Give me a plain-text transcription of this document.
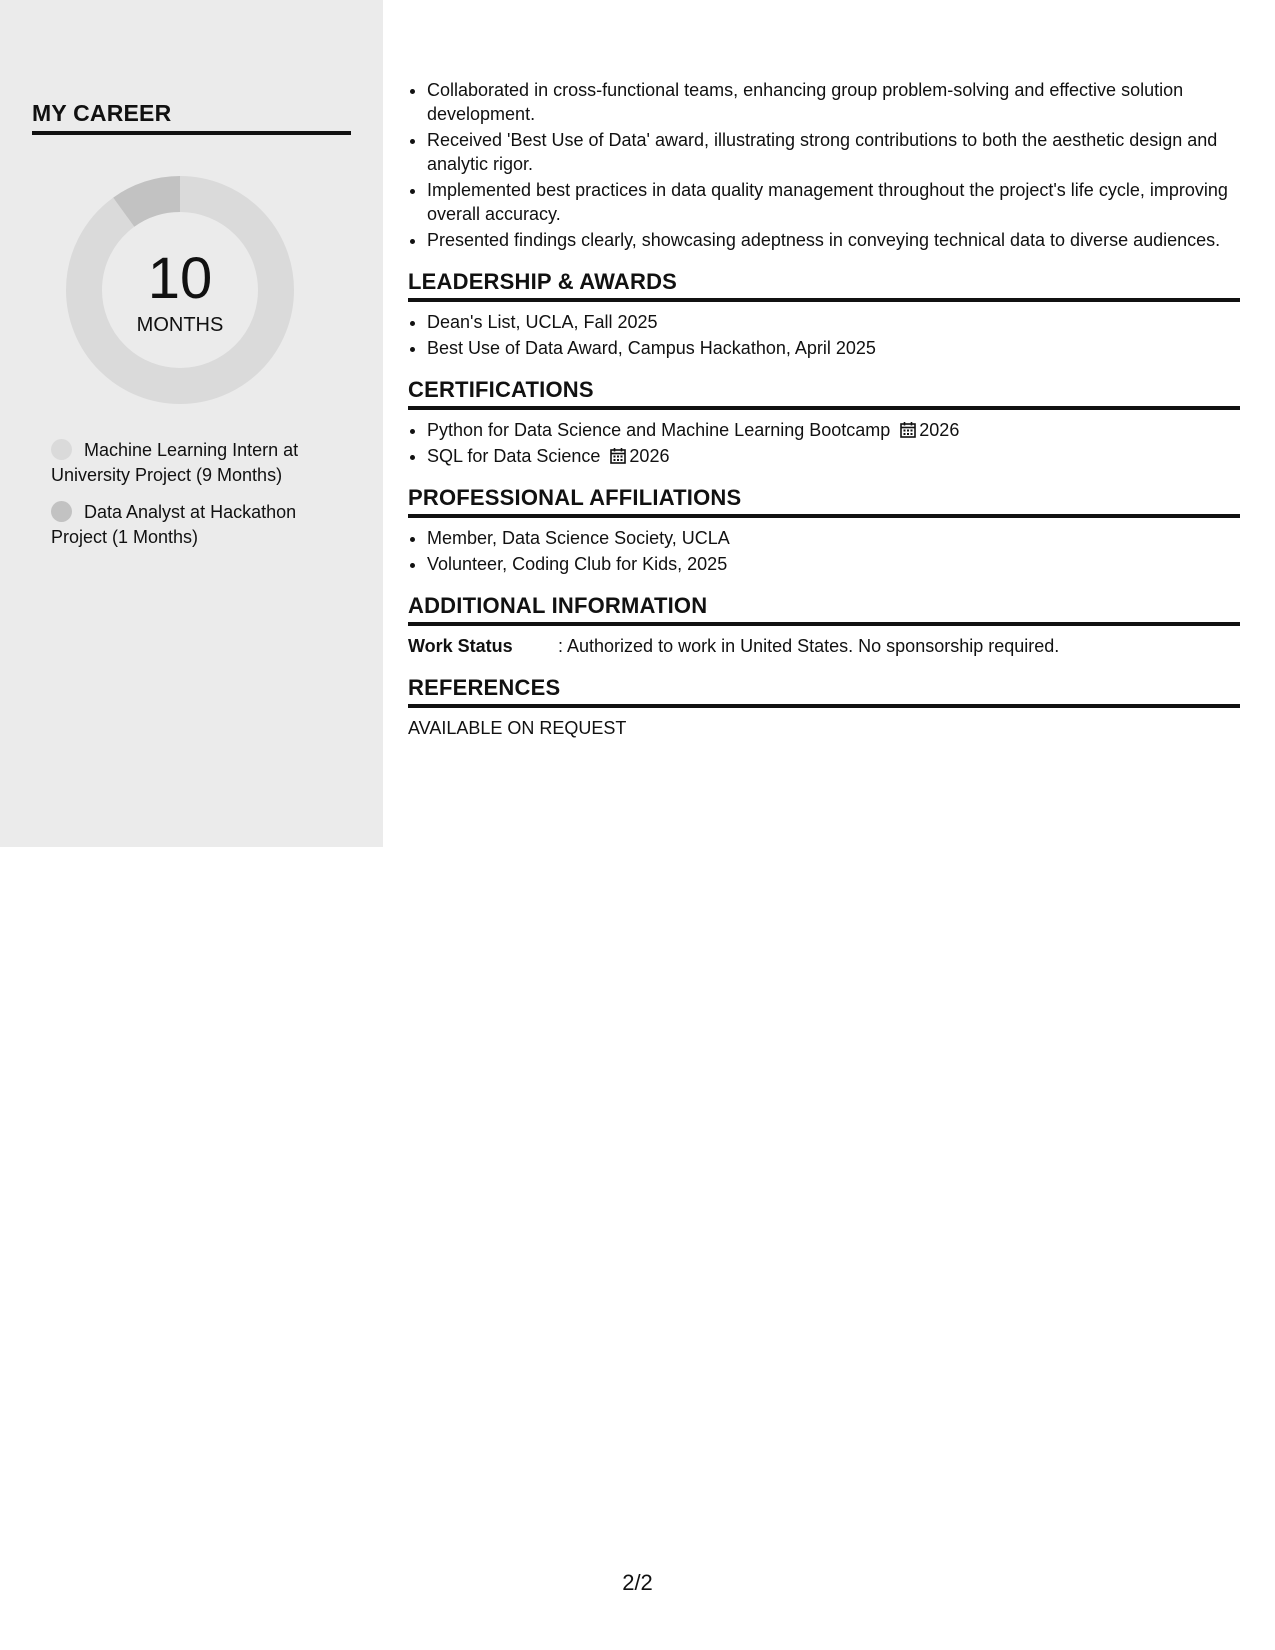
MY CAREER
10
MONTHS
Machine Learning Intern at University Project (9 Months)
Data Analyst at Hackathon Project (1 Months)
• Collaborated in cross-functional teams, enhancing group problem-solving and effective solution development.
• Received 'Best Use of Data' award, illustrating strong contributions to both the aesthetic design and analytic rigor.
• Implemented best practices in data quality management throughout the project's life cycle, improving overall accuracy.
• Presented findings clearly, showcasing adeptness in conveying technical data to diverse audiences.
LEADERSHIP & AWARDS
• Dean's List, UCLA, Fall 2025
• Best Use of Data Award, Campus Hackathon, April 2025
CERTIFICATIONS
• Python for Data Science and Machine Learning Bootcamp 2026
• SQL for Data Science 2026
PROFESSIONAL AFFILIATIONS
• Member, Data Science Society, UCLA
• Volunteer, Coding Club for Kids, 2025
ADDITIONAL INFORMATION
Work Status	: Authorized to work in United States. No sponsorship required.
REFERENCES
AVAILABLE ON REQUEST
2/2
